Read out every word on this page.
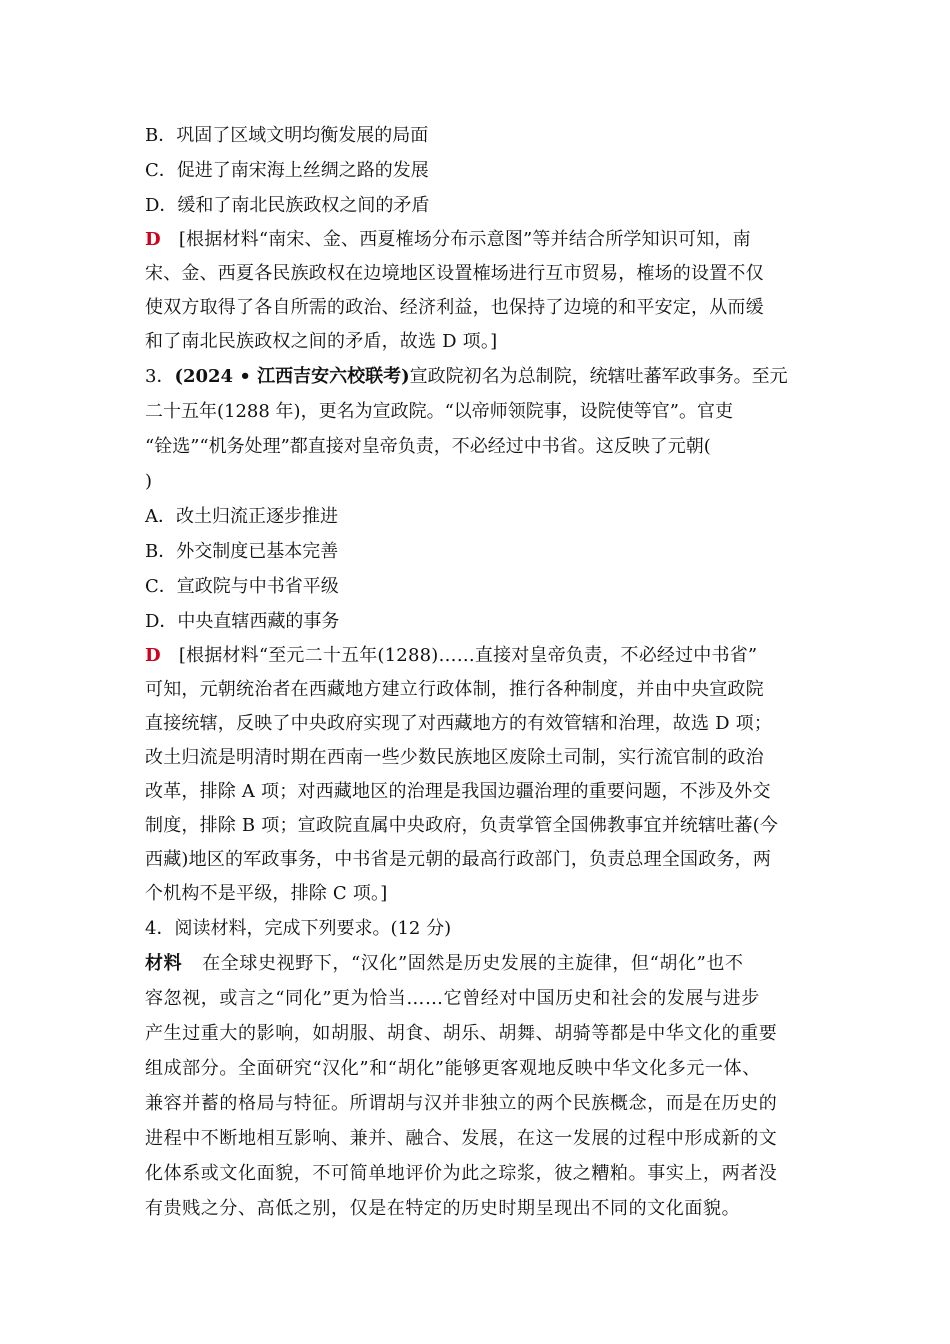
B．巩固了区域文明均衡发展的局面
C．促进了南宋海上丝绸之路的发展
D．缓和了南北民族政权之间的矛盾
D [根据材料“南宋、金、西夏榷场分布示意图”等并结合所学知识可知，南
宋、金、西夏各民族政权在边境地区设置榷场进行互市贸易，榷场的设置不仅
使双方取得了各自所需的政治、经济利益，也保持了边境的和平安定，从而缓
和了南北民族政权之间的矛盾，故选 D 项。]
3．(2024 • 江西吉安六校联考)宣政院初名为总制院，统辖吐蕃军政事务。至元
二十五年(1288 年)，更名为宣政院。“以帝师领院事，设院使等官”。官吏
“铨选”“机务处理”都直接对皇帝负责，不必经过中书省。这反映了元朝(
)
A．改土归流正逐步推进
B．外交制度已基本完善
C．宣政院与中书省平级
D．中央直辖西藏的事务
D [根据材料“至元二十五年(1288)……直接对皇帝负责，不必经过中书省”
可知，元朝统治者在西藏地方建立行政体制，推行各种制度，并由中央宣政院
直接统辖，反映了中央政府实现了对西藏地方的有效管辖和治理，故选 D 项；
改土归流是明清时期在西南一些少数民族地区废除土司制，实行流官制的政治
改革，排除 A 项；对西藏地区的治理是我国边疆治理的重要问题，不涉及外交
制度，排除 B 项；宣政院直属中央政府，负责掌管全国佛教事宜并统辖吐蕃(今
西藏)地区的军政事务，中书省是元朝的最高行政部门，负责总理全国政务，两
个机构不是平级，排除 C 项。]
4．阅读材料，完成下列要求。(12 分)
材料 在全球史视野下，“汉化”固然是历史发展的主旋律，但“胡化”也不
容忽视，或言之“同化”更为恰当……它曾经对中国历史和社会的发展与进步
产生过重大的影响，如胡服、胡食、胡乐、胡舞、胡骑等都是中华文化的重要
组成部分。全面研究“汉化”和“胡化”能够更客观地反映中华文化多元一体、
兼容并蓄的格局与特征。所谓胡与汉并非独立的两个民族概念，而是在历史的
进程中不断地相互影响、兼并、融合、发展，在这一发展的过程中形成新的文
化体系或文化面貌，不可简单地评价为此之琮浆，彼之糟粕。事实上，两者没
有贵贱之分、高低之别，仅是在特定的历史时期呈现出不同的文化面貌。
